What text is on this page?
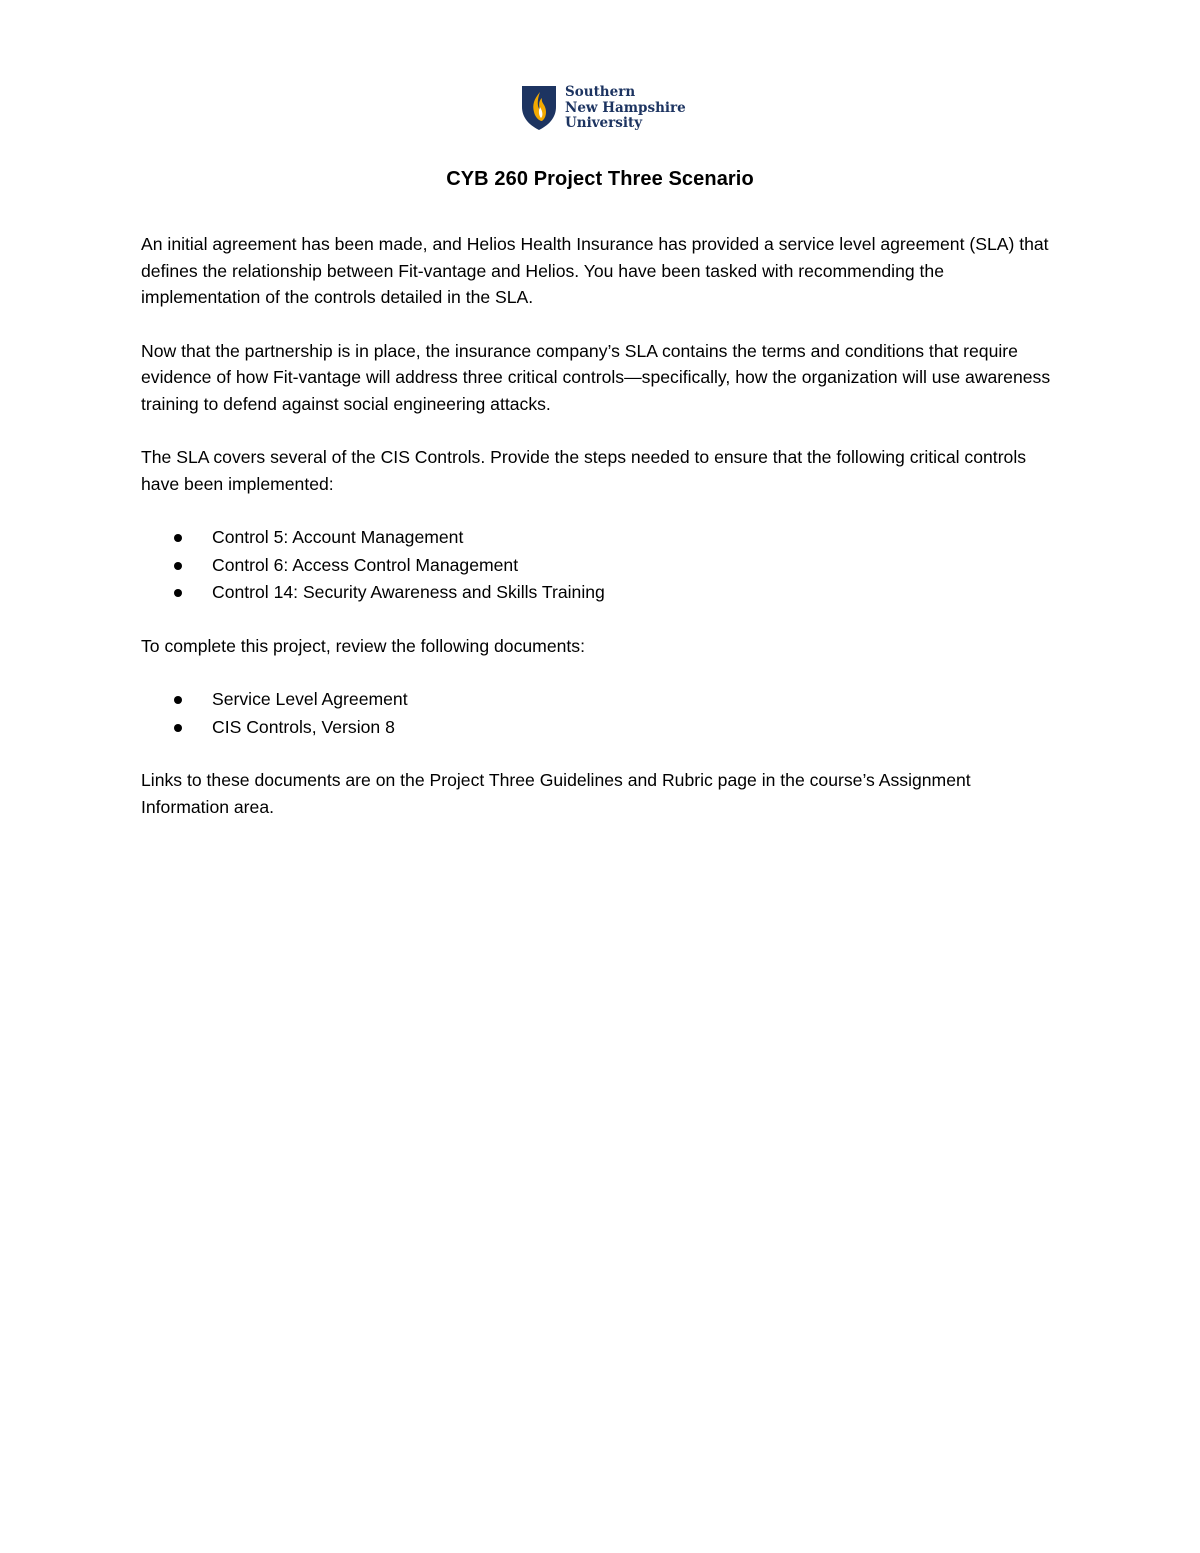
Southern
New Hampshire
University
CYB 260 Project Three Scenario

An initial agreement has been made, and Helios Health Insurance has provided a service level agreement (SLA) that defines the relationship between Fit-vantage and Helios. You have been tasked with recommending the implementation of the controls detailed in the SLA.

Now that the partnership is in place, the insurance company’s SLA contains the terms and conditions that require evidence of how Fit-vantage will address three critical controls—specifically, how the organization will use awareness training to defend against social engineering attacks.

The SLA covers several of the CIS Controls. Provide the steps needed to ensure that the following critical controls have been implemented:

Control 5: Account Management
Control 6: Access Control Management
Control 14: Security Awareness and Skills Training

To complete this project, review the following documents:

Service Level Agreement
CIS Controls, Version 8

Links to these documents are on the Project Three Guidelines and Rubric page in the course’s Assignment Information area.
